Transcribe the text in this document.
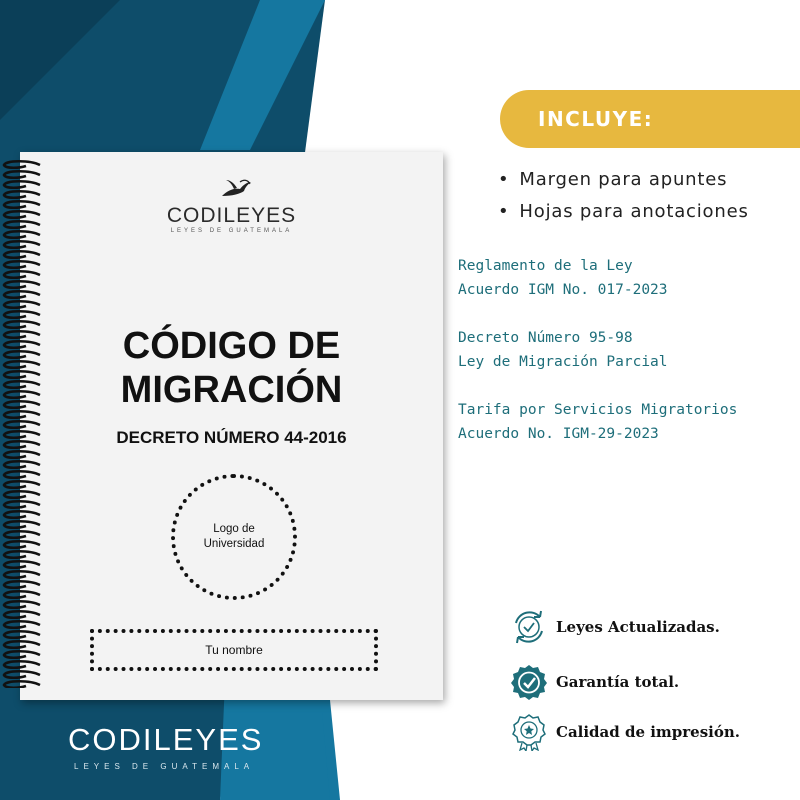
CODILEYES
LEYES DE GUATEMALA
CÓDIGO DE
MIGRACIÓN
DECRETO NÚMERO 44-2016
Logo de
Universidad
Tu nombre
INCLUYE:
• Margen para apuntes
• Hojas para anotaciones
Reglamento de la Ley
Acuerdo IGM No. 017-2023
Decreto Número 95-98
Ley de Migración Parcial
Tarifa por Servicios Migratorios
Acuerdo No. IGM-29-2023
Leyes Actualizadas.
Garantía total.
Calidad de impresión.
CODILEYES
LEYES DE GUATEMALA
